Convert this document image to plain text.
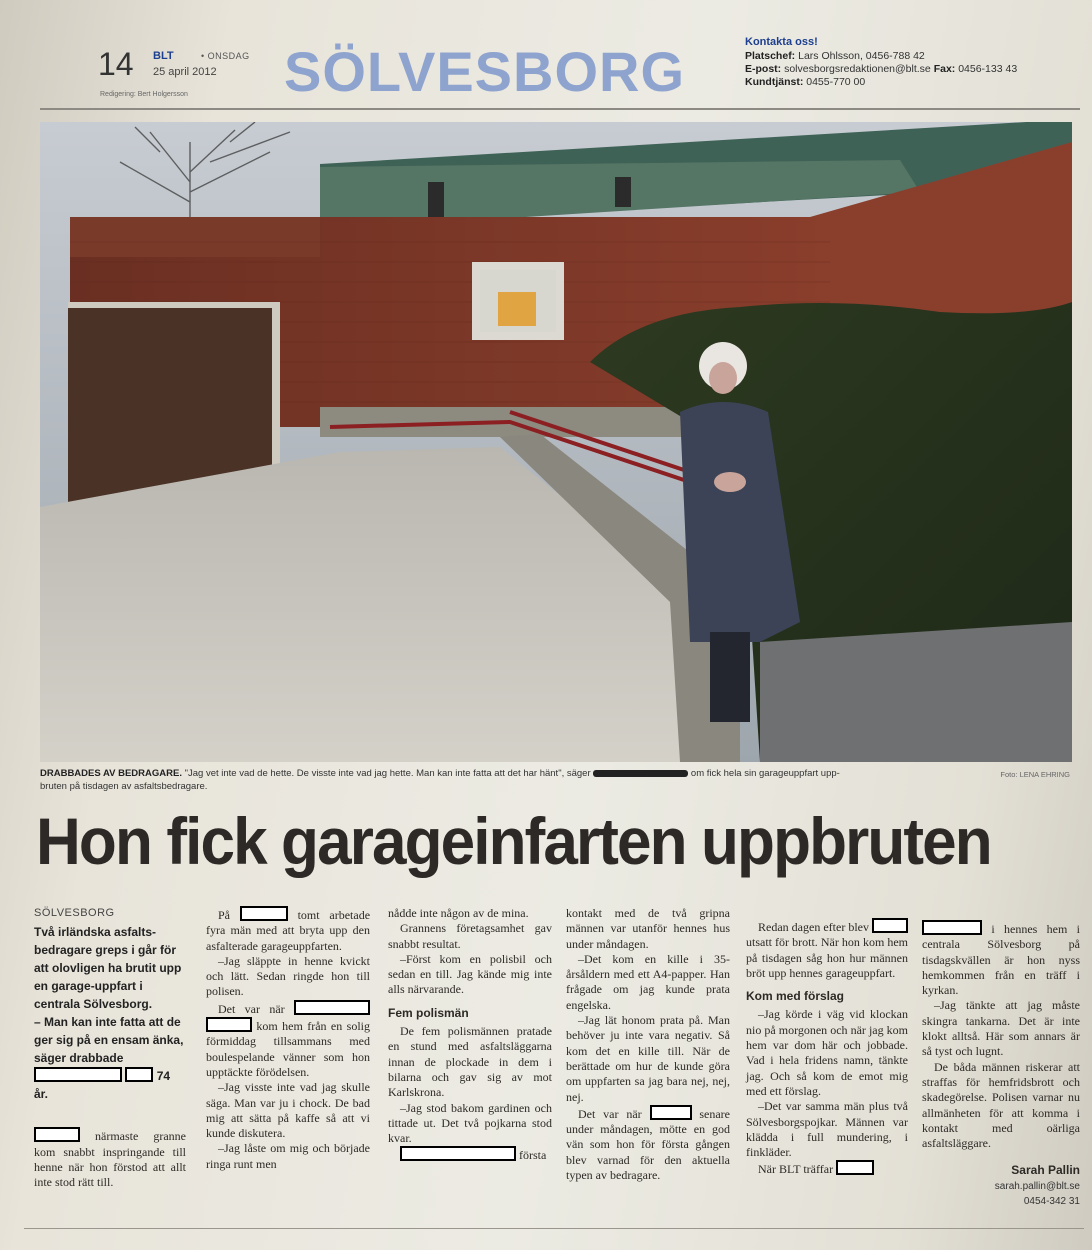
14 BLT	• ONSDAG
25 april 2012
Redigering: Bert Holgersson SÖLVESBORG	Kontakta oss!
Platschef: Lars Ohlsson, 0456-788 42
E-post: solvesborgsredaktionen@blt.se Fax: 0456-133 43
Kundtjänst: 0455-770 00
DRABBADES AV BEDRAGARE. "Jag vet inte vad de hette. De visste inte vad jag hette. Man kan inte fatta att det har hänt", säger	om fick hela sin garageuppfart upp-
bruten på tisdagen av asfaltsbedragare.
Foto: LENA EHRING
Hon fick garageinfarten uppbruten
SÖLVESBORG

Två irländska asfalts-bedragare greps i går för att olovligen ha brutit upp en garage-uppfart i centrala Sölvesborg.

– Man kan inte fatta att de ger sig på en ensam änka, säger drabbade   74 år.

närmaste granne kom snabbt inspringande till henne när hon förstod att allt inte stod rätt till.

På	tomt arbetade fyra män med att bryta upp den asfalterade garageuppfarten.

–Jag släppte in henne kvickt och lätt. Sedan ringde hon till polisen.

Det var när   kom hem från en solig förmiddag tillsammans med boulespelande vänner som hon upptäckte förödelsen.

–Jag visste inte vad jag skulle säga. Man var ju i chock. De bad mig att sätta på kaffe så att vi kunde diskutera.

–Jag låste om mig och började ringa runt men

nådde inte någon av de mina.

Grannens företagsamhet gav snabbt resultat.

–Först kom en polisbil och sedan en till. Jag kände mig inte alls närvarande.

Fem polismän

De fem polismännen pratade en stund med asfaltsläggarna innan de plockade in dem i bilarna och gav sig av mot Karlskrona.

–Jag stod bakom gardinen och tittade ut. Det två pojkarna stod kvar.

första

kontakt med de två gripna männen var utanför hennes hus under måndagen.

–Det kom en kille i 35-årsåldern med ett A4-papper. Han frågade om jag kunde prata engelska.

–Jag lät honom prata på. Man behöver ju inte vara negativ. Så kom det en kille till. När de berättade om hur de kunde göra om uppfarten sa jag bara nej, nej, nej.

Det var när	senare under måndagen, mötte en god vän som hon för första gången blev varnad för den aktuella typen av bedragare.

Redan dagen efter blev  utsatt för brott. När hon kom hem på tisdagen såg hon hur männen bröt upp hennes garageuppfart.

Kom med förslag

–Jag körde i väg vid klockan nio på morgonen och när jag kom hem var dom här och jobbade. Vad i hela fridens namn, tänkte jag. Och så kom de emot mig med ett förslag.

–Det var samma män plus två Sölvesborgspojkar. Männen var klädda i full mundering, i finkläder.

När BLT träffar

i hennes hem i centrala Sölvesborg på tisdagskvällen är hon nyss hemkommen från en träff i kyrkan.

–Jag tänkte att jag måste skingra tankarna. Det är inte klokt alltså. Här som annars är så tyst och lugnt.

De båda männen riskerar att straffas för hemfridsbrott och skadegörelse. Polisen varnar nu allmänheten för att komma i kontakt med oärliga asfaltsläggare.

Sarah Pallin
sarah.pallin@blt.se
0454-342 31
